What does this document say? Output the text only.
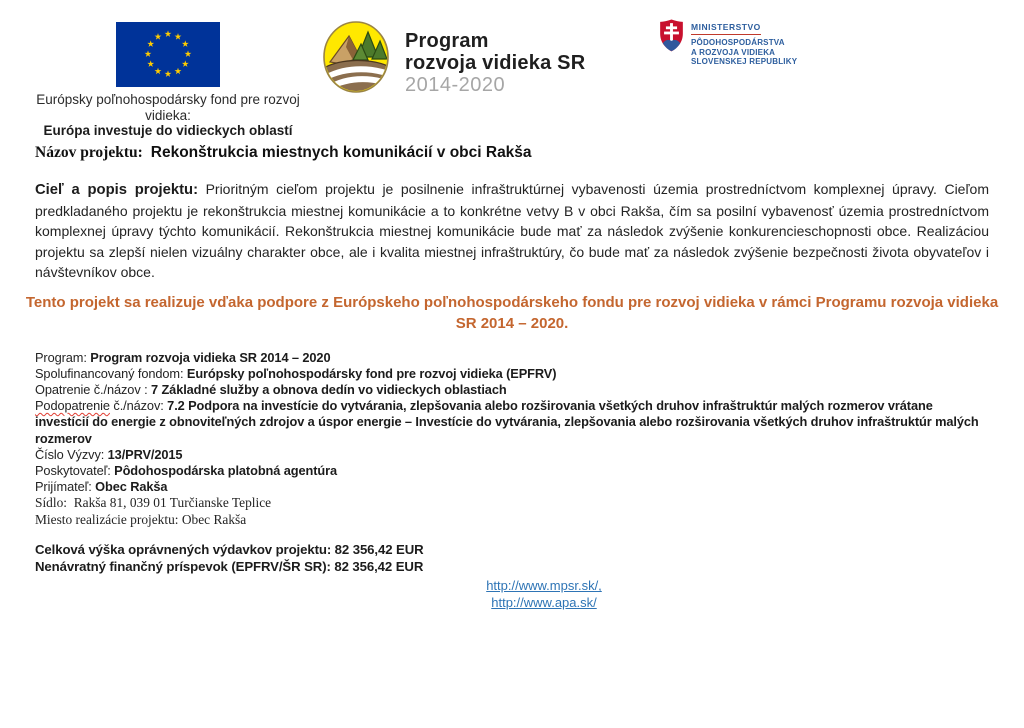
Európsky poľnohospodársky fond pre rozvoj vidieka:
Európa investuje do vidieckych oblastí
Program
rozvoja vidieka SR
2014-2020
MINISTERSTVO
PÔDOHOSPODÁRSTVA
A ROZVOJA VIDIEKA
SLOVENSKEJ REPUBLIKY
Názov projektu: Rekonštrukcia miestnych komunikácií v obci Rakša

Cieľ a popis projektu: Prioritným cieľom projektu je posilnenie infraštruktúrnej vybavenosti územia prostredníctvom komplexnej úpravy. Cieľom predkladaného projektu je rekonštrukcia miestnej komunikácie a to konkrétne vetvy B v obci Rakša, čím sa posilní vybavenosť územia prostredníctvom komplexnej úpravy týchto komunikácií. Rekonštrukcia miestnej komunikácie bude mať za následok zvýšenie konkurencieschopnosti obce. Realizáciou projektu sa zlepší nielen vizuálny charakter obce, ale i kvalita miestnej infraštruktúry, čo bude mať za následok zvýšenie bezpečnosti života obyvateľov i návštevníkov obce.

Tento projekt sa realizuje vďaka podpore z Európskeho poľnohospodárskeho fondu pre rozvoj vidieka v rámci Programu rozvoja vidieka SR 2014 – 2020.

Program: Program rozvoja vidieka SR 2014 – 2020
Spolufinancovaný fondom: Európsky poľnohospodársky fond pre rozvoj vidieka (EPFRV)
Opatrenie č./názov : 7 Základné služby a obnova dedín vo vidieckych oblastiach
Podopatrenie č./názov: 7.2 Podpora na investície do vytvárania, zlepšovania alebo rozširovania všetkých druhov infraštruktúr malých rozmerov vrátane investícií do energie z obnoviteľných zdrojov a úspor energie – Investície do vytvárania, zlepšovania alebo rozširovania všetkých druhov infraštruktúr malých rozmerov
Číslo Výzvy: 13/PRV/2015
Poskytovateľ: Pôdohospodárska platobná agentúra
Prijímateľ: Obec Rakša
Sídlo:  Rakša 81, 039 01 Turčianske Teplice
Miesto realizácie projektu: Obec Rakša
Celková výška oprávnených výdavkov projektu: 82 356,42 EUR
Nenávratný finančný príspevok (EPFRV/ŠR SR): 82 356,42 EUR
http://www.mpsr.sk/,
http://www.apa.sk/
